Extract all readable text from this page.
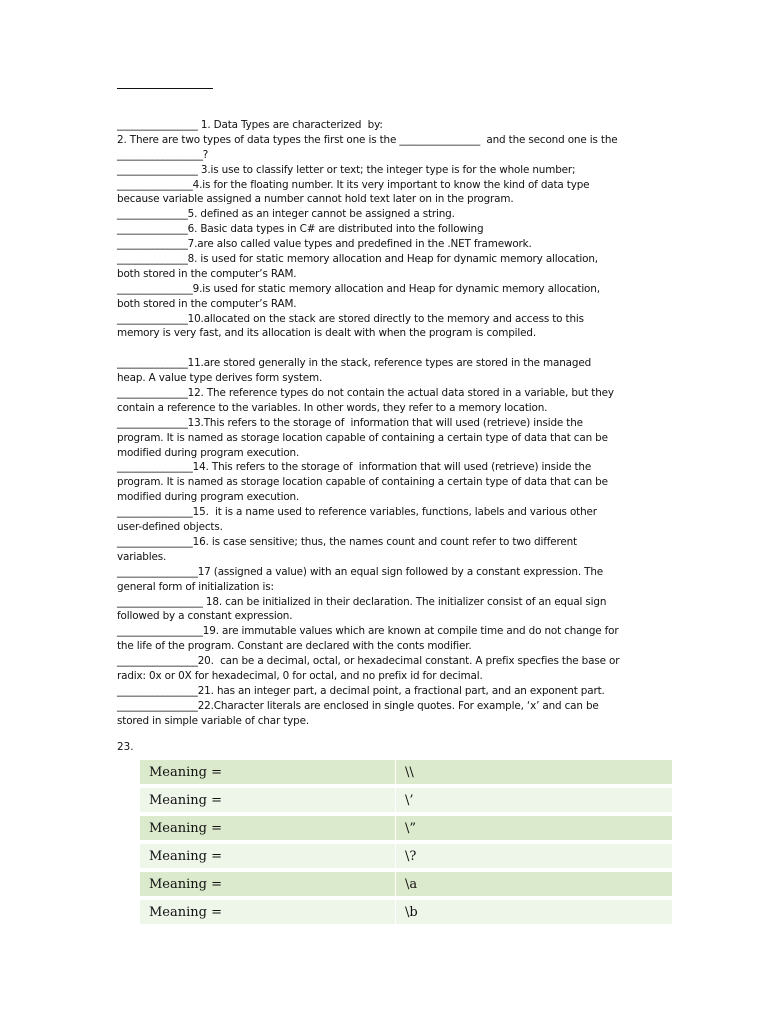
________________ 1. Data Types are characterized  by:
2. There are two types of data types the first one is the ________________  and the second one is the
_________________?
________________ 3.is use to classify letter or text; the integer type is for the whole number;
_______________4.is for the floating number. It its very important to know the kind of data type
because variable assigned a number cannot hold text later on in the program.
______________5. defined as an integer cannot be assigned a string.
______________6. Basic data types in C# are distributed into the following
______________7.are also called value types and predefined in the .NET framework.
______________8. is used for static memory allocation and Heap for dynamic memory allocation,
both stored in the computer’s RAM.
_______________9.is used for static memory allocation and Heap for dynamic memory allocation,
both stored in the computer’s RAM.
______________10.allocated on the stack are stored directly to the memory and access to this
memory is very fast, and its allocation is dealt with when the program is compiled.
______________11.are stored generally in the stack, reference types are stored in the managed
heap. A value type derives form system.
______________12. The reference types do not contain the actual data stored in a variable, but they
contain a reference to the variables. In other words, they refer to a memory location.
______________13.This refers to the storage of  information that will used (retrieve) inside the
program. It is named as storage location capable of containing a certain type of data that can be
modified during program execution.
_______________14. This refers to the storage of  information that will used (retrieve) inside the
program. It is named as storage location capable of containing a certain type of data that can be
modified during program execution.
_______________15.  it is a name used to reference variables, functions, labels and various other
user-defined objects.
_______________16. is case sensitive; thus, the names count and count refer to two different
variables.
________________17 (assigned a value) with an equal sign followed by a constant expression. The
general form of initialization is:
_________________ 18. can be initialized in their declaration. The initializer consist of an equal sign
followed by a constant expression.
_________________19. are immutable values which are known at compile time and do not change for
the life of the program. Constant are declared with the conts modifier.
________________20.  can be a decimal, octal, or hexadecimal constant. A prefix specfies the base or
radix: 0x or 0X for hexadecimal, 0 for octal, and no prefix id for decimal.
________________21. has an integer part, a decimal point, a fractional part, and an exponent part.
________________22.Character literals are enclosed in single quotes. For example, ‘x’ and can be
stored in simple variable of char type.
23.
Meaning =	\\
Meaning =	\’
Meaning =	\”
Meaning =	\?
Meaning =	\a
Meaning =	\b
